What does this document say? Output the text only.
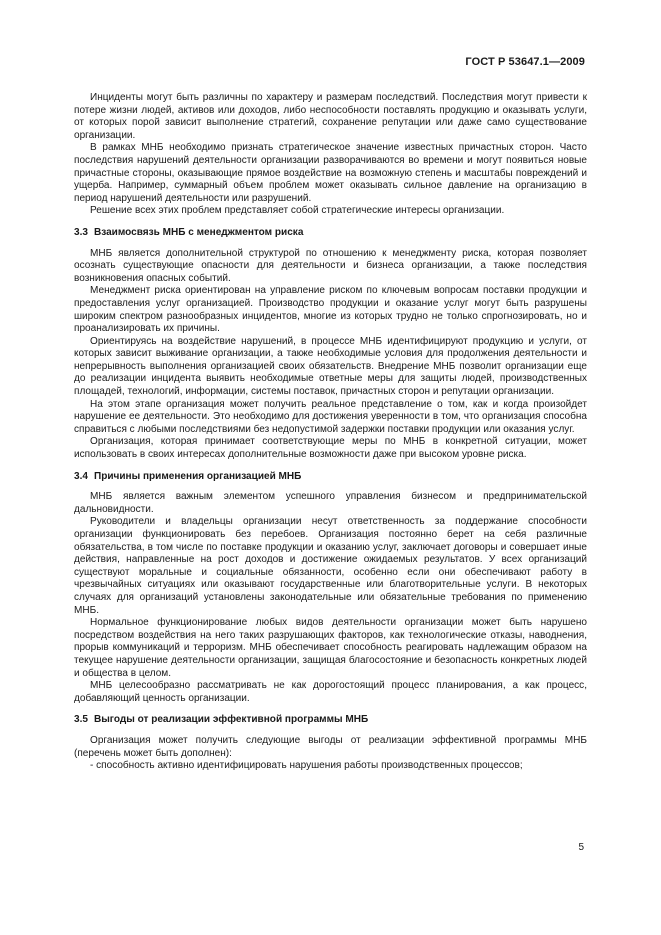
ГОСТ Р 53647.1—2009

Инциденты могут быть различны по характеру и размерам последствий. Последствия могут привести к потере жизни людей, активов или доходов, либо неспособности поставлять продукцию и оказывать услуги, от которых порой зависит выполнение стратегий, сохранение репутации или даже само существование организации.

В рамках МНБ необходимо признать стратегическое значение известных причастных сторон. Часто последствия нарушений деятельности организации разворачиваются во времени и могут появиться новые причастные стороны, оказывающие прямое воздействие на возможную степень и масштабы повреждений и ущерба. Например, суммарный объем проблем может оказывать сильное давление на организацию в период нарушений деятельности или разрушений.

Решение всех этих проблем представляет собой стратегические интересы организации.

3.3 Взаимосвязь МНБ с менеджментом риска

МНБ является дополнительной структурой по отношению к менеджменту риска, которая позволяет осознать существующие опасности для деятельности и бизнеса организации, а также последствия возникновения опасных событий.

Менеджмент риска ориентирован на управление риском по ключевым вопросам поставки продукции и предоставления услуг организацией. Производство продукции и оказание услуг могут быть разрушены широким спектром разнообразных инцидентов, многие из которых трудно не только спрогнозировать, но и проанализировать их причины.

Ориентируясь на воздействие нарушений, в процессе МНБ идентифицируют продукцию и услуги, от которых зависит выживание организации, а также необходимые условия для продолжения деятельности и непрерывность выполнения организацией своих обязательств. Внедрение МНБ позволит организации еще до реализации инцидента выявить необходимые ответные меры для защиты людей, производственных площадей, технологий, информации, системы поставок, причастных сторон и репутации организации.

На этом этапе организация может получить реальное представление о том, как и когда произойдет нарушение ее деятельности. Это необходимо для достижения уверенности в том, что организация способна справиться с любыми последствиями без недопустимой задержки поставки продукции или оказания услуг.

Организация, которая принимает соответствующие меры по МНБ в конкретной ситуации, может использовать в своих интересах дополнительные возможности даже при высоком уровне риска.

3.4 Причины применения организацией МНБ

МНБ является важным элементом успешного управления бизнесом и предпринимательской дальновидности.

Руководители и владельцы организации несут ответственность за поддержание способности организации функционировать без перебоев. Организация постоянно берет на себя различные обязательства, в том числе по поставке продукции и оказанию услуг, заключает договоры и совершает иные действия, направленные на рост доходов и достижение ожидаемых результатов. У всех организаций существуют моральные и социальные обязанности, особенно если они обеспечивают работу в чрезвычайных ситуациях или оказывают государственные или благотворительные услуги. В некоторых случаях для организаций установлены законодательные или обязательные требования по применению МНБ.

Нормальное функционирование любых видов деятельности организации может быть нарушено посредством воздействия на него таких разрушающих факторов, как технологические отказы, наводнения, прорыв коммуникаций и терроризм. МНБ обеспечивает способность реагировать надлежащим образом на текущее нарушение деятельности организации, защищая благосостояние и безопасность конкретных людей и общества в целом.

МНБ целесообразно рассматривать не как дорогостоящий процесс планирования, а как процесс, добавляющий ценность организации.

3.5 Выгоды от реализации эффективной программы МНБ

Организация может получить следующие выгоды от реализации эффективной программы МНБ (перечень может быть дополнен):

- способность активно идентифицировать нарушения работы производственных процессов;

5
